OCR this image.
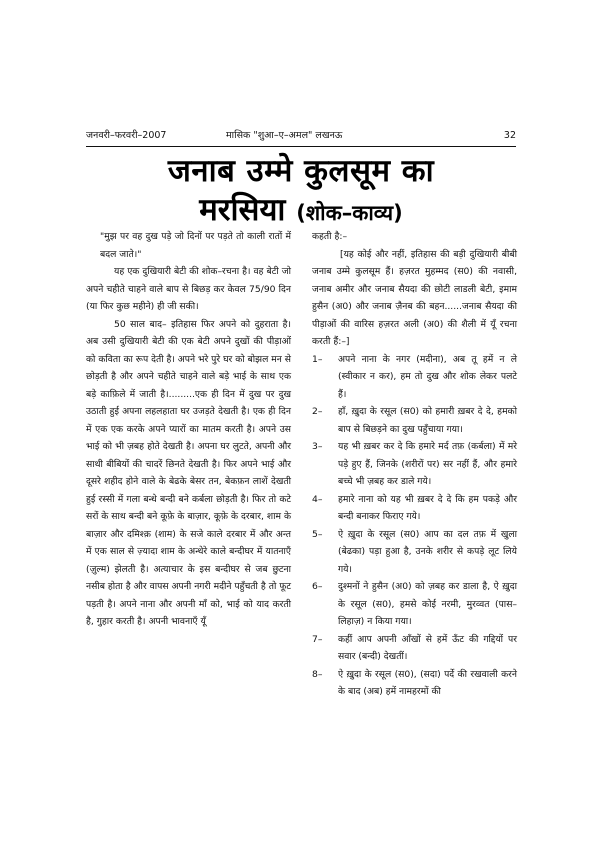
जनवरी–फरवरी–2007	मासिक "शुआ–ए–अमल" लखनऊ	32
जनाब उम्मे कुलसूम का
मरसिया (शोक–काव्य)

"मुझ पर वह दुख पड़े जो दिनों पर पड़ते तो काली रातों में बदल जाते।"

यह एक दुखियारी बेटी की शोक–रचना है। वह बेटी जो अपने चहीते चाहने वाले बाप से बिछड़ कर केवल 75/90 दिन (या फिर कुछ महीने) ही जी सकी।

50 साल बाद– इतिहास फिर अपने को दुहराता है। अब उसी दुखियारी बेटी की एक बेटी अपने दुखों की पीड़ाओं को कविता का रूप देती है। अपने भरे पुरे घर को बोझल मन से छोड़ती है और अपने चहीते चाहने वाले बड़े भाई के साथ एक बड़े काफ़िले में जाती है।.........एक ही दिन में दुख पर दुख उठाती हुई अपना लहलहाता घर उजड़ते देखती है। एक ही दिन में एक एक करके अपने प्यारों का मातम करती है। अपने उस भाई को भी ज़बह होते देखती है। अपना घर लुटते, अपनी और साथी बीबियों की चादरें छिनते देखती है। फिर अपने भाई और दूसरे शहीद होने वाले के बेढके बेसर तन, बेकफ़न लाशें देखती हुई रस्सी में गला बन्धे बन्दी बने कर्बला छोड़ती है। फिर तो कटे सरों के साथ बन्दी बने कूफ़े के बाज़ार, कूफ़े के दरबार, शाम के बाज़ार और दमिश्क़ (शाम) के सजे काले दरबार में और अन्त में एक साल से ज़्यादा शाम के अन्धेरे काले बन्दीघर में यातनाएँ (ज़ुल्म) झेलती है। अत्याचार के इस बन्दीघर से जब छुटना नसीब होता है और वापस अपनी नगरी मदीने पहुँचती है तो फूट पड़ती है। अपने नाना और अपनी माँ को, भाई को याद करती है, गुहार करती है। अपनी भावनाएँ यूँ

कहती है:–

[यह कोई और नहीं, इतिहास की बड़ी दुखियारी बीबी जनाब उम्मे कुलसूम हैं। हज़रत मुहम्मद (स0) की नवासी, जनाब अमीर और जनाब सैयदा की छोटी लाडली बेटी, इमाम हुसैन (अ0) और जनाब ज़ैनब की बहन......जनाब सैयदा की पीड़ाओं की वारिस हज़रत अली (अ0) की शैली में यूँ रचना करती हैं:–]

1–	अपने नाना के नगर (मदीना), अब तू हमें न ले (स्वीकार न कर), हम तो दुख और शोक लेकर पलटे हैं।
2–	हाँ, ख़ुदा के रसूल (स0) को हमारी ख़बर दे दे, हमको बाप से बिछड़ने का दुख पहुँचाया गया।
3–	यह भी ख़बर कर दे कि हमारे मर्द तफ़ (कर्बला) में मरे पड़े हुए हैं, जिनके (शरीरों पर) सर नहीं हैं, और हमारे बच्चे भी ज़बह कर डाले गये।
4–	हमारे नाना को यह भी ख़बर दे दे कि हम पकड़े और बन्दी बनाकर फिराए गये।
5–	ऐ ख़ुदा के रसूल (स0) आप का दल तफ़ में खुला (बेढका) पड़ा हुआ है, उनके शरीर से कपड़े लूट लिये गये।
6–	दुश्मनों ने हुसैन (अ0) को ज़बह कर डाला है, ऐ ख़ुदा के रसूल (स0), हमसे कोई नरमी, मुरव्वत (पास–लिहाज़) न किया गया।
7–	कहीं आप अपनी आँखों से हमें ऊँट की गद्दियों पर सवार (बन्दी) देखतीं।
8–	ऐ ख़ुदा के रसूल (स0), (सदा) पर्दे की रखवाली करने के बाद (अब) हमें नामहरमों की
